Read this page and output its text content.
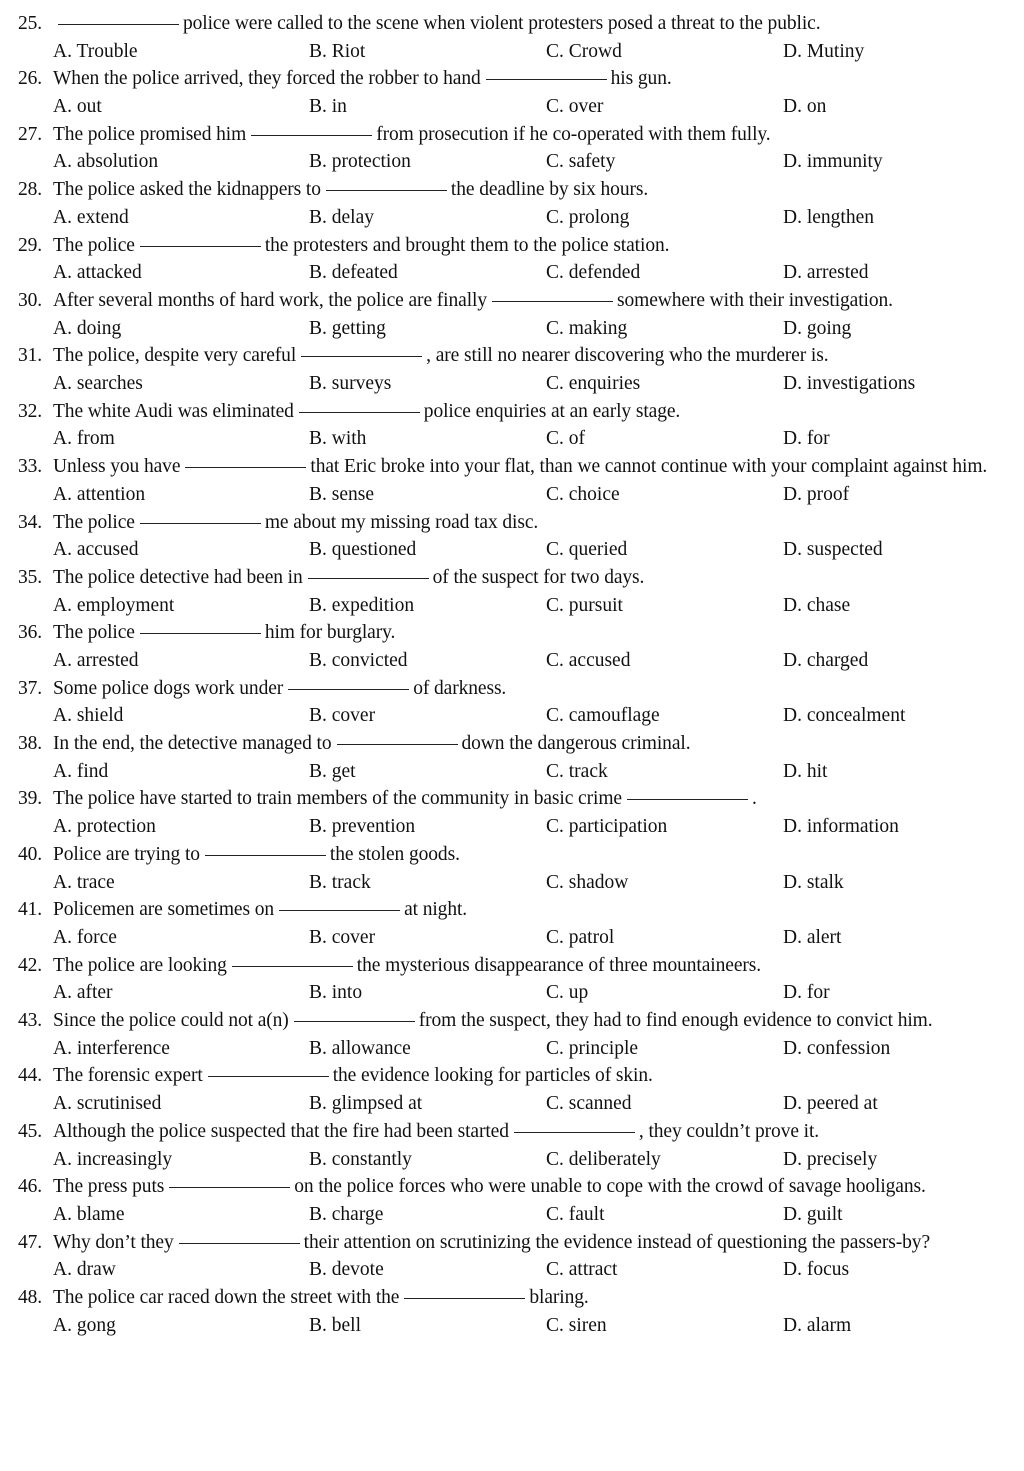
25.	police were called to the scene when violent protesters posed a threat to the public.
A. Trouble	B. Riot	C. Crowd	D. Mutiny
26. When the police arrived, they forced the robber to hand	his gun.
A. out	B. in	C. over	D. on
27. The police promised him	from prosecution if he co-operated with them fully.
A. absolution	B. protection	C. safety	D. immunity
28. The police asked the kidnappers to	the deadline by six hours.
A. extend	B. delay	C. prolong	D. lengthen
29. The police	the protesters and brought them to the police station.
A. attacked	B. defeated	C. defended	D. arrested
30. After several months of hard work, the police are finally	somewhere with their investigation.
A. doing	B. getting	C. making	D. going
31. The police, despite very careful	, are still no nearer discovering who the murderer is.
A. searches	B. surveys	C. enquiries	D. investigations
32. The white Audi was eliminated	police enquiries at an early stage.
A. from	B. with	C. of	D. for
33. Unless you have	that Eric broke into your flat, than we cannot continue with your complaint against him.
A. attention	B. sense	C. choice	D. proof
34. The police	me about my missing road tax disc.
A. accused	B. questioned	C. queried	D. suspected
35. The police detective had been in	of the suspect for two days.
A. employment	B. expedition	C. pursuit	D. chase
36. The police	him for burglary.
A. arrested	B. convicted	C. accused	D. charged
37. Some police dogs work under	of darkness.
A. shield	B. cover	C. camouflage	D. concealment
38. In the end, the detective managed to	down the dangerous criminal.
A. find	B. get	C. track	D. hit
39. The police have started to train members of the community in basic crime	.
A. protection	B. prevention	C. participation	D. information
40. Police are trying to	the stolen goods.
A. trace	B. track	C. shadow	D. stalk
41. Policemen are sometimes on	at night.
A. force	B. cover	C. patrol	D. alert
42. The police are looking	the mysterious disappearance of three mountaineers.
A. after	B. into	C. up	D. for
43. Since the police could not a(n)	from the suspect, they had to find enough evidence to convict him.
A. interference	B. allowance	C. principle	D. confession
44. The forensic expert	the evidence looking for particles of skin.
A. scrutinised	B. glimpsed at	C. scanned	D. peered at
45. Although the police suspected that the fire had been started	, they couldn’t prove it.
A. increasingly	B. constantly	C. deliberately	D. precisely
46. The press puts	on the police forces who were unable to cope with the crowd of savage hooligans.
A. blame	B. charge	C. fault	D. guilt
47. Why don’t they	their attention on scrutinizing the evidence instead of questioning the passers-by?
A. draw	B. devote	C. attract	D. focus
48. The police car raced down the street with the	blaring.
A. gong	B. bell	C. siren	D. alarm
